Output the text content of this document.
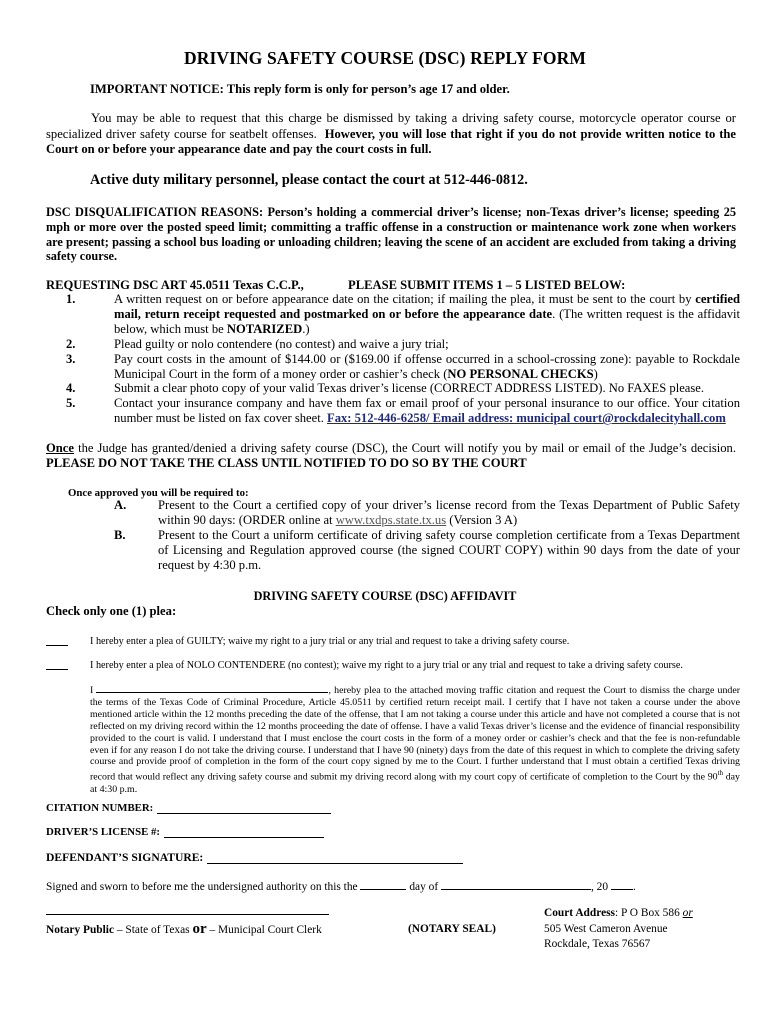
DRIVING SAFETY COURSE (DSC) REPLY FORM
IMPORTANT NOTICE: This reply form is only for person’s age 17 and older.

You may be able to request that this charge be dismissed by taking a driving safety course, motorcycle operator course or specialized driver safety course for seatbelt offenses. However, you will lose that right if you do not provide written notice to the Court on or before your appearance date and pay the court costs in full.

Active duty military personnel, please contact the court at 512-446-0812.

DSC DISQUALIFICATION REASONS: Person’s holding a commercial driver’s license; non-Texas driver’s license; speeding 25 mph or more over the posted speed limit; committing a traffic offense in a construction or maintenance work zone when workers are present; passing a school bus loading or unloading children; leaving the scene of an accident are excluded from taking a driving safety course.

REQUESTING DSC ART 45.0511 Texas C.C.P.,	PLEASE SUBMIT ITEMS 1 – 5 LISTED BELOW:
1.	A written request on or before appearance date on the citation; if mailing the plea, it must be sent to the court by certified mail, return receipt requested and postmarked on or before the appearance date. (The written request is the affidavit below, which must be NOTARIZED.)
2.	Plead guilty or nolo contendere (no contest) and waive a jury trial;
3.	Pay court costs in the amount of $144.00 or ($169.00 if offense occurred in a school-crossing zone): payable to Rockdale Municipal Court in the form of a money order or cashier’s check (NO PERSONAL CHECKS)
4.	Submit a clear photo copy of your valid Texas driver’s license (CORRECT ADDRESS LISTED). No FAXES please.
5.	Contact your insurance company and have them fax or email proof of your personal insurance to our office. Your citation number must be listed on fax cover sheet. Fax: 512-446-6258/ Email address: municipal court@rockdalecityhall.com

Once the Judge has granted/denied a driving safety course (DSC), the Court will notify you by mail or email of the Judge’s decision. PLEASE DO NOT TAKE THE CLASS UNTIL NOTIFIED TO DO SO BY THE COURT

Once approved you will be required to:
A.	Present to the Court a certified copy of your driver’s license record from the Texas Department of Public Safety within 90 days: (ORDER online at www.txdps.state.tx.us (Version 3 A)
B.	Present to the Court a uniform certificate of driving safety course completion certificate from a Texas Department of Licensing and Regulation approved course (the signed COURT COPY) within 90 days from the date of your request by 4:30 p.m.
DRIVING SAFETY COURSE (DSC) AFFIDAVIT
Check only one (1) plea:
I hereby enter a plea of GUILTY; waive my right to a jury trial or any trial and request to take a driving safety course.
I hereby enter a plea of NOLO CONTENDERE (no contest); waive my right to a jury trial or any trial and request to take a driving safety course.

I	, hereby plea to the attached moving traffic citation and request the Court to dismiss the charge under the terms of the Texas Code of Criminal Procedure, Article 45.0511 by certified return receipt mail. I certify that I have not taken a course under the above mentioned article within the 12 months preceding the date of the offense, that I am not taking a course under this article and have not completed a course that is not reflected on my driving record within the 12 months proceeding the date of offense. I have a valid Texas driver’s license and the evidence of financial responsibility provided to the court is valid. I understand that I must enclose the court costs in the form of a money order or cashier’s check and that the fee is non-refundable even if for any reason I do not take the driving course. I understand that I have 90 (ninety) days from the date of this request in which to complete the driving safety course and provide proof of completion in the form of the court copy signed by me to the Court. I further understand that I must obtain a certified Texas driving record that would reflect any driving safety course and submit my driving record along with my court copy of certificate of completion to the Court by the 90th day at 4:30 p.m.

CITATION NUMBER:
DRIVER’S LICENSE #:
DEFENDANT’S SIGNATURE:
Signed and sworn to before me the undersigned authority on this the	day of	, 20 .
Notary Public – State of Texas or – Municipal Court Clerk	(NOTARY SEAL)
Court Address: P O Box 586 or
505 West Cameron Avenue
Rockdale, Texas 76567
